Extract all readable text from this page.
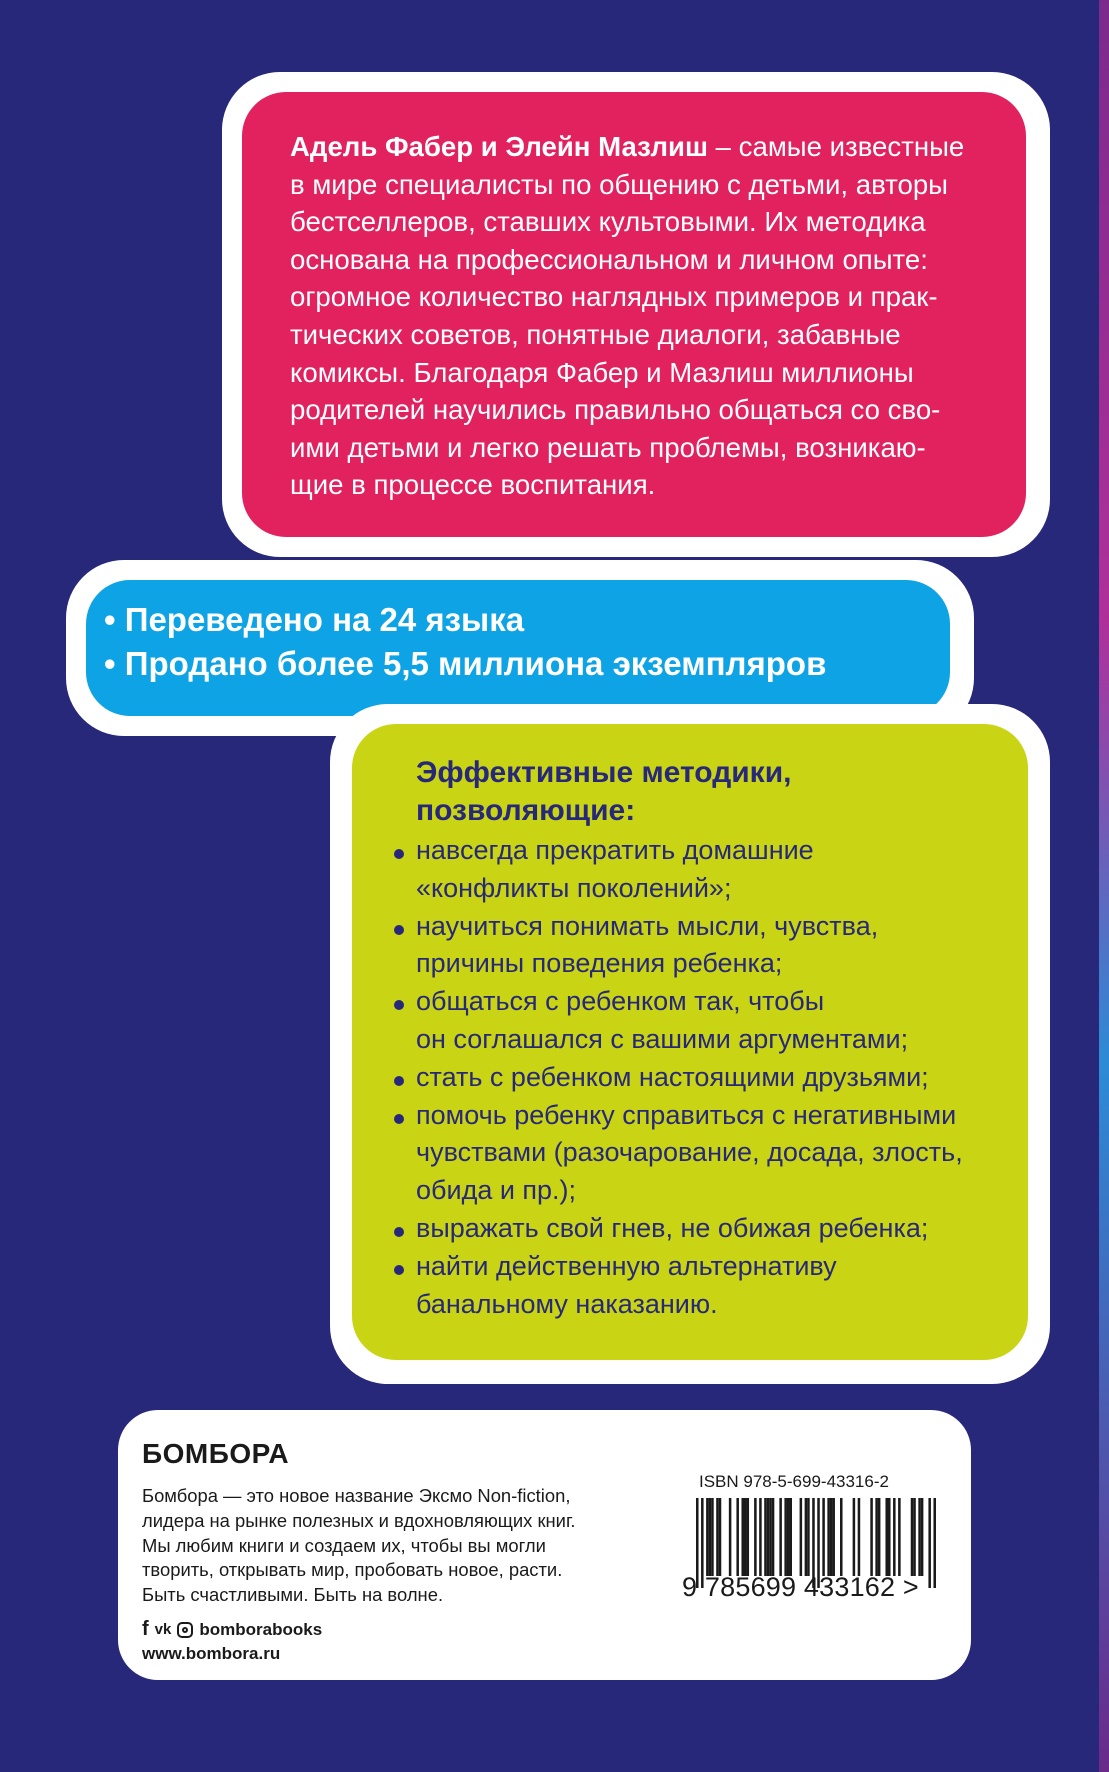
Адель Фабер и Элейн Мазлиш – самые известные
в мире специалисты по общению с детьми, авторы
бестселлеров, ставших культовыми. Их методика
основана на профессиональном и личном опыте:
огромное количество наглядных примеров и прак-
тических советов, понятные диалоги, забавные
комиксы. Благодаря Фабер и Мазлиш миллионы
родителей научились правильно общаться со сво-
ими детьми и легко решать проблемы, возникаю-
щие в процессе воспитания.
• Переведено на 24 языка
• Продано более 5,5 миллиона экземпляров
Эффективные методики,
позволяющие:
навсегда прекратить домашние
«конфликты поколений»;
научиться понимать мысли, чувства,
причины поведения ребенка;
общаться с ребенком так, чтобы
он соглашался с вашими аргументами;
стать с ребенком настоящими друзьями;
помочь ребенку справиться с негативными
чувствами (разочарование, досада, злость,
обида и пр.);
выражать свой гнев, не обижая ребенка;
найти действенную альтернативу
банальному наказанию.
БОМБОРА
Бомбора — это новое название Эксмо Non-fiction,
лидера на рынке полезных и вдохновляющих книг.
Мы любим книги и создаем их, чтобы вы могли
творить, открывать мир, пробовать новое, расти.
Быть счастливыми. Быть на волне.
f vk bomborabooks
www.bombora.ru
ISBN 978-5-699-43316-2
9 785699 433162 >
